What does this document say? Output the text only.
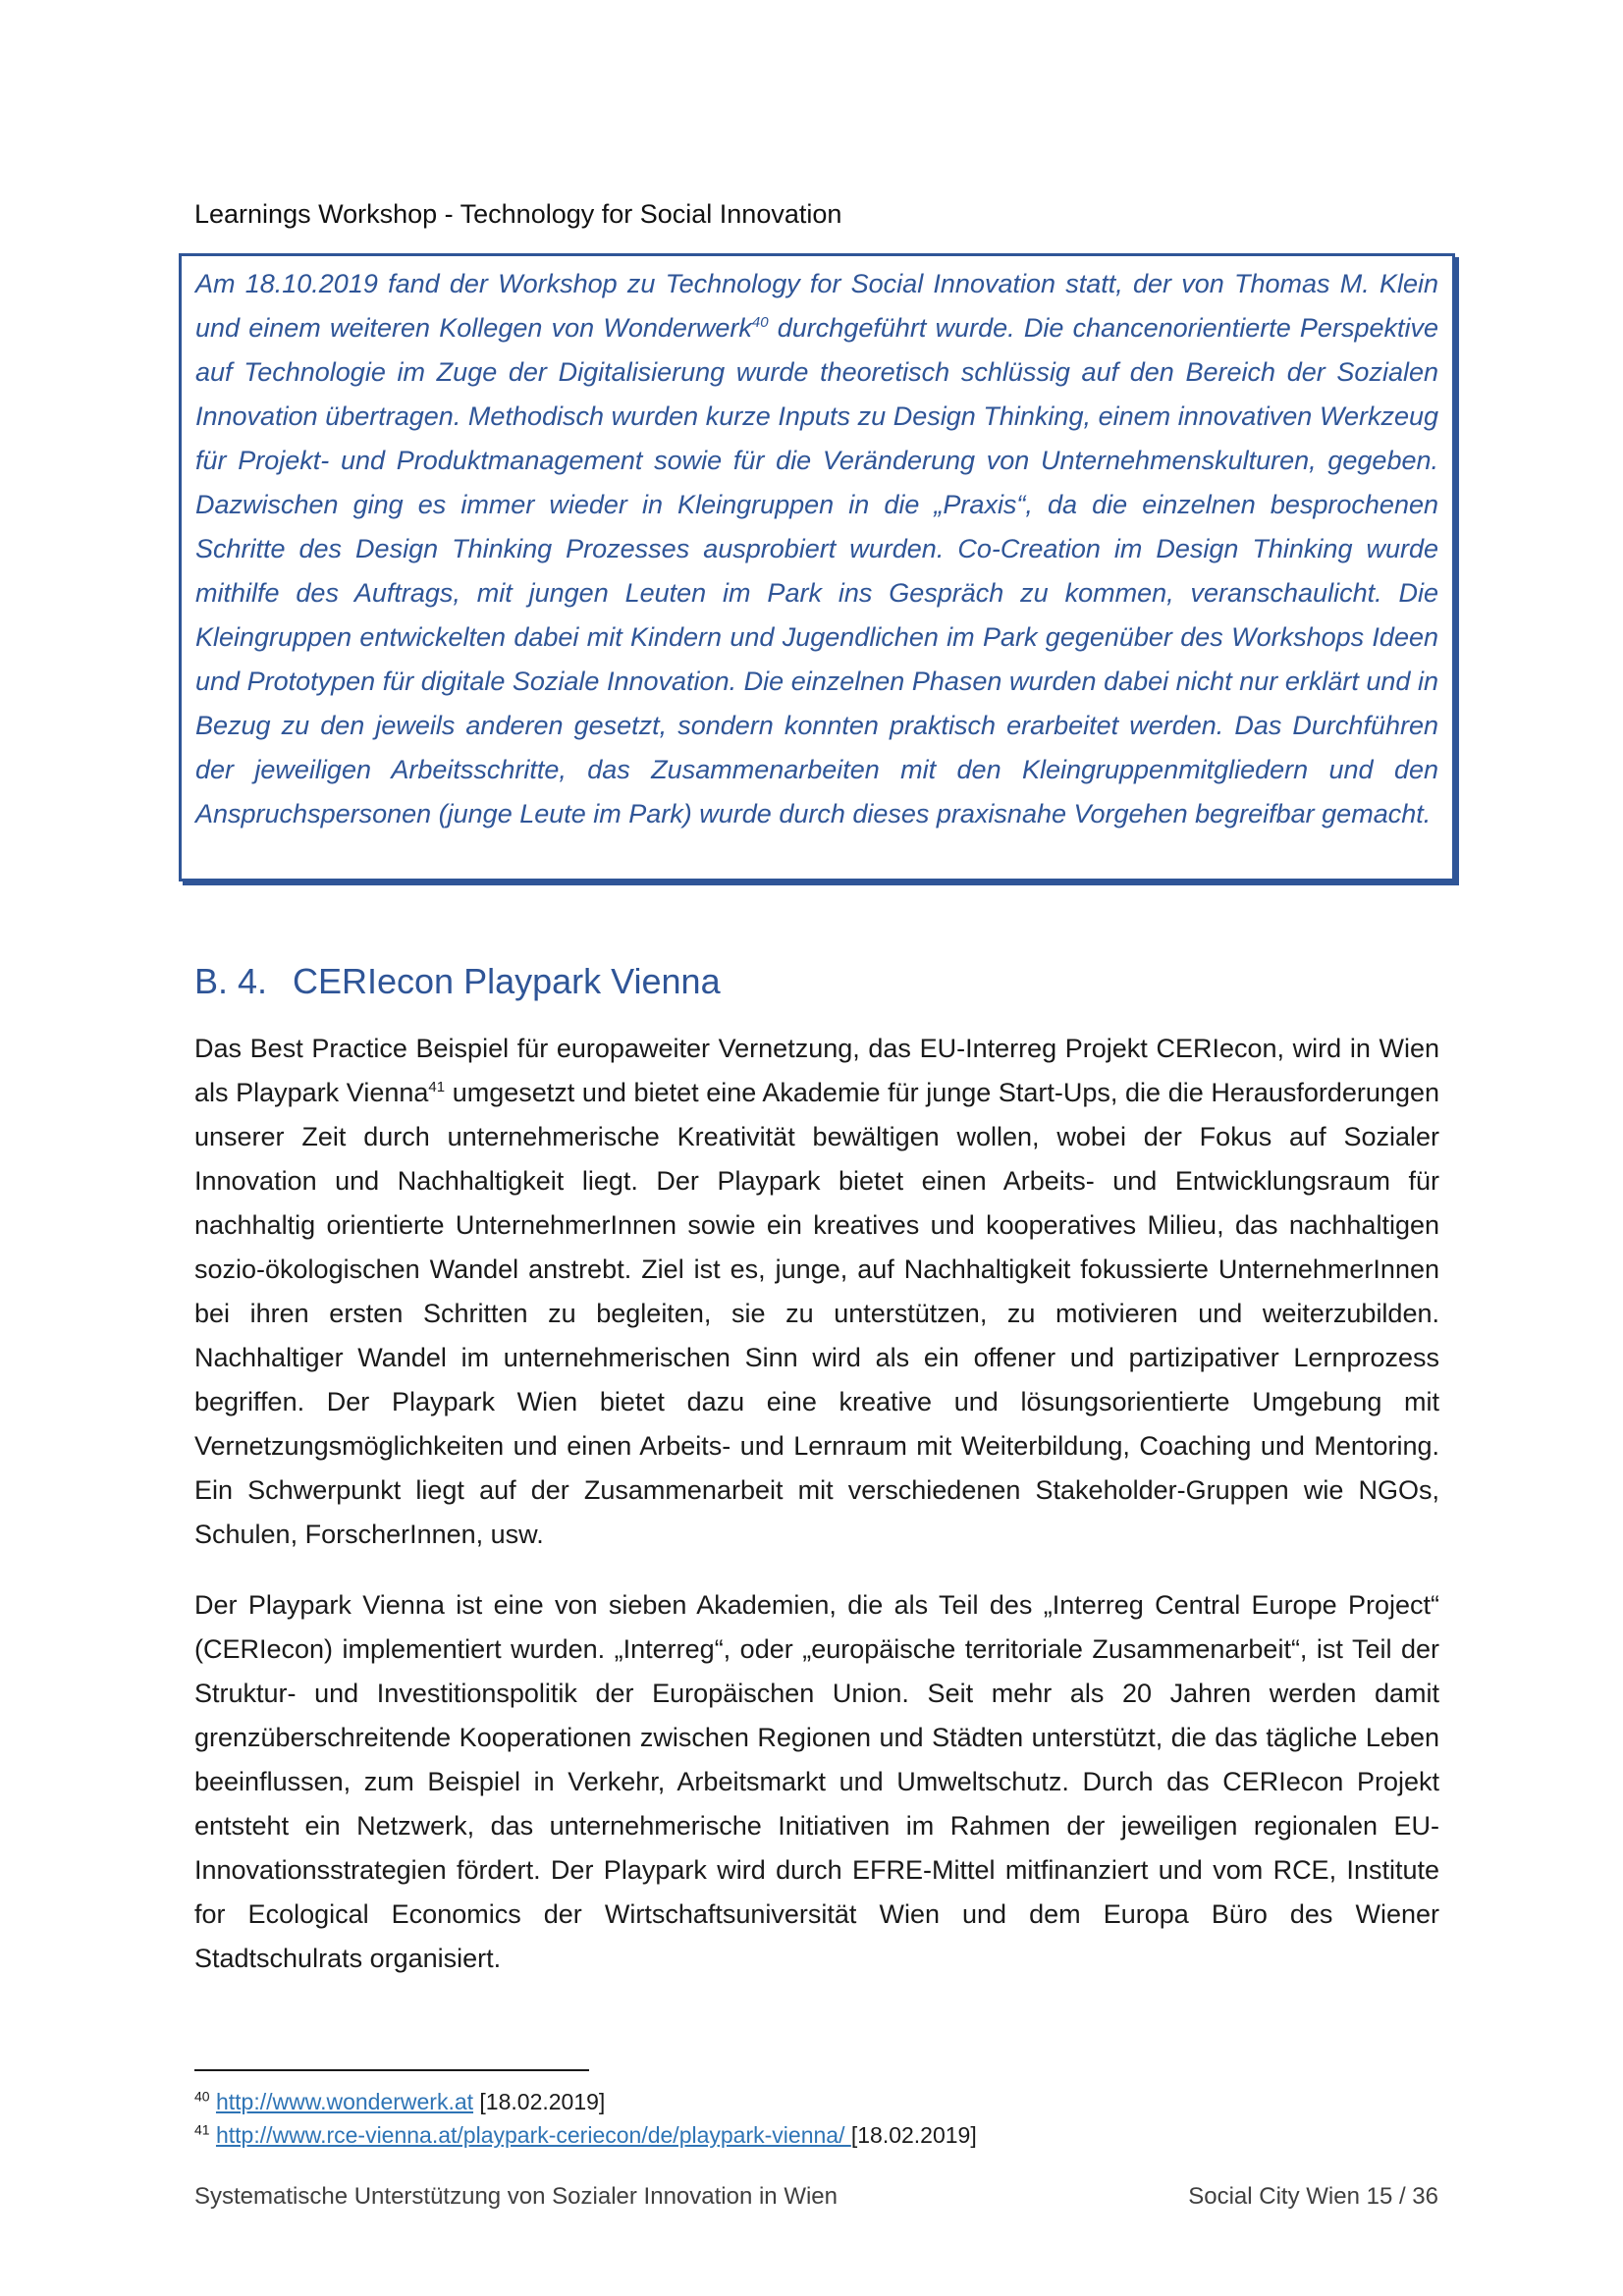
Learnings Workshop - Technology for Social Innovation

Am 18.10.2019 fand der Workshop zu Technology for Social Innovation statt, der von Thomas M. Klein und einem weiteren Kollegen von Wonderwerk$^{40}$ durchgeführt wurde. Die chancenorientierte Perspektive auf Technologie im Zuge der Digitalisierung wurde theoretisch schlüssig auf den Bereich der Sozialen Innovation übertragen. Methodisch wurden kurze Inputs zu Design Thinking, einem innovativen Werkzeug für Projekt- und Produktmanagement sowie für die Veränderung von Unternehmenskulturen, gegeben. Dazwischen ging es immer wieder in Kleingruppen in die „Praxis“, da die einzelnen besprochenen Schritte des Design Thinking Prozesses ausprobiert wurden. Co-Creation im Design Thinking wurde mithilfe des Auftrags, mit jungen Leuten im Park ins Gespräch zu kommen, veranschaulicht. Die Kleingruppen entwickelten dabei mit Kindern und Jugendlichen im Park gegenüber des Workshops Ideen und Prototypen für digitale Soziale Innovation. Die einzelnen Phasen wurden dabei nicht nur erklärt und in Bezug zu den jeweils anderen gesetzt, sondern konnten praktisch erarbeitet werden. Das Durchführen der jeweiligen Arbeitsschritte, das Zusammenarbeiten mit den Kleingruppenmitgliedern und den Anspruchspersonen (junge Leute im Park) wurde durch dieses praxisnahe Vorgehen begreifbar gemacht.

B. 4. CERIecon Playpark Vienna

Das Best Practice Beispiel für europaweiter Vernetzung, das EU-Interreg Projekt CERIecon, wird in Wien als Playpark Vienna$^{41}$ umgesetzt und bietet eine Akademie für junge Start-Ups, die die Herausforderungen unserer Zeit durch unternehmerische Kreativität bewältigen wollen, wobei der Fokus auf Sozialer Innovation und Nachhaltigkeit liegt. Der Playpark bietet einen Arbeits- und Entwicklungsraum für nachhaltig orientierte UnternehmerInnen sowie ein kreatives und kooperatives Milieu, das nachhaltigen sozio-ökologischen Wandel anstrebt. Ziel ist es, junge, auf Nachhaltigkeit fokussierte UnternehmerInnen bei ihren ersten Schritten zu begleiten, sie zu unterstützen, zu motivieren und weiterzubilden. Nachhaltiger Wandel im unternehmerischen Sinn wird als ein offener und partizipativer Lernprozess begriffen. Der Playpark Wien bietet dazu eine kreative und lösungsorientierte Umgebung mit Vernetzungsmöglichkeiten und einen Arbeits- und Lernraum mit Weiterbildung, Coaching und Mentoring. Ein Schwerpunkt liegt auf der Zusammenarbeit mit verschiedenen Stakeholder-Gruppen wie NGOs, Schulen, ForscherInnen, usw.

Der Playpark Vienna ist eine von sieben Akademien, die als Teil des „Interreg Central Europe Project“ (CERIecon) implementiert wurden. „Interreg“, oder „europäische territoriale Zusammenarbeit“, ist Teil der Struktur- und Investitionspolitik der Europäischen Union. Seit mehr als 20 Jahren werden damit grenzüberschreitende Kooperationen zwischen Regionen und Städten unterstützt, die das tägliche Leben beeinflussen, zum Beispiel in Verkehr, Arbeitsmarkt und Umweltschutz. Durch das CERIecon Projekt entsteht ein Netzwerk, das unternehmerische Initiativen im Rahmen der jeweiligen regionalen EU-Innovationsstrategien fördert. Der Playpark wird durch EFRE-Mittel mitfinanziert und vom RCE, Institute for Ecological Economics der Wirtschaftsuniversität Wien und dem Europa Büro des Wiener Stadtschulrats organisiert.

$^{40}$ http://www.wonderwerk.at [18.02.2019]

$^{41}$ http://www.rce-vienna.at/playpark-ceriecon/de/playpark-vienna/ [18.02.2019]

Systematische Unterstützung von Sozialer Innovation in Wien	Social City Wien 15 / 36
